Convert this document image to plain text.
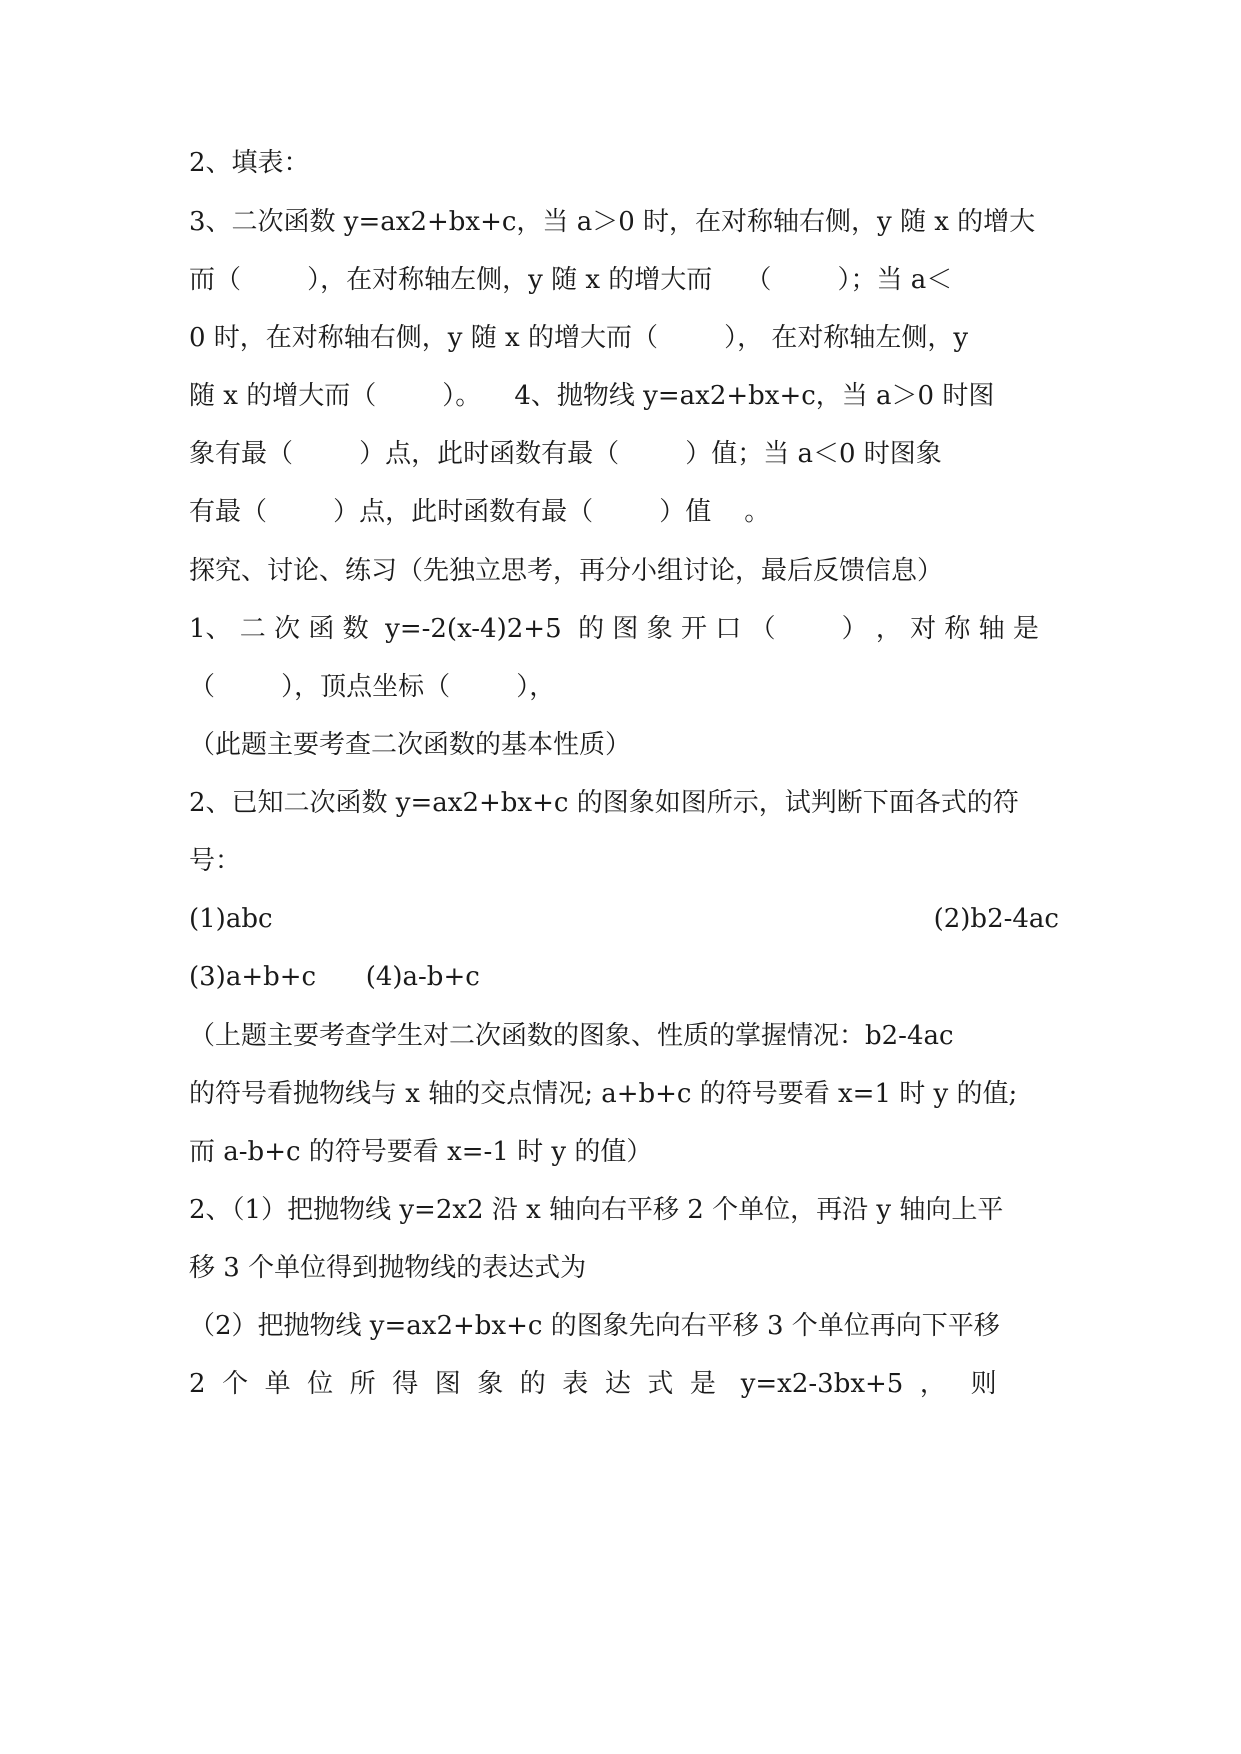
2、填表：
3、二次函数 y=ax2+bx+c，当 a＞0 时，在对称轴右侧，y 随 x 的增大
而（        ），在对称轴左侧，y 随 x 的增大而    （        ）；当 a＜
0 时，在对称轴右侧，y 随 x 的增大而（        ）， 在对称轴左侧，y
随 x 的增大而（        ）。    4、抛物线 y=ax2+bx+c，当 a＞0 时图
象有最（        ）点，此时函数有最（        ）值；当 a＜0 时图象
有最（        ）点，此时函数有最（        ）值    。
探究、讨论、练习（先独立思考，再分小组讨论，最后反馈信息）
1、 二 次 函 数  y=-2(x-4)2+5  的 图 象 开 口 （        ） ， 对 称 轴 是
（        ），顶点坐标（        ），
（此题主要考查二次函数的基本性质）
2、已知二次函数 y=ax2+bx+c 的图象如图所示，试判断下面各式的符
号：
(1)abc	(2)b2-4ac
(3)a+b+c      (4)a-b+c
（上题主要考查学生对二次函数的图象、性质的掌握情况：b2-4ac
的符号看抛物线与 x 轴的交点情况; a+b+c 的符号要看 x=1 时 y 的值;
而 a-b+c 的符号要看 x=-1 时 y 的值）
2、（1）把抛物线 y=2x2 沿 x 轴向右平移 2 个单位，再沿 y 轴向上平
移 3 个单位得到抛物线的表达式为
（2）把抛物线 y=ax2+bx+c 的图象先向右平移 3 个单位再向下平移
2  个  单  位  所  得  图  象  的  表  达  式  是   y=x2-3bx+5  ，   则
